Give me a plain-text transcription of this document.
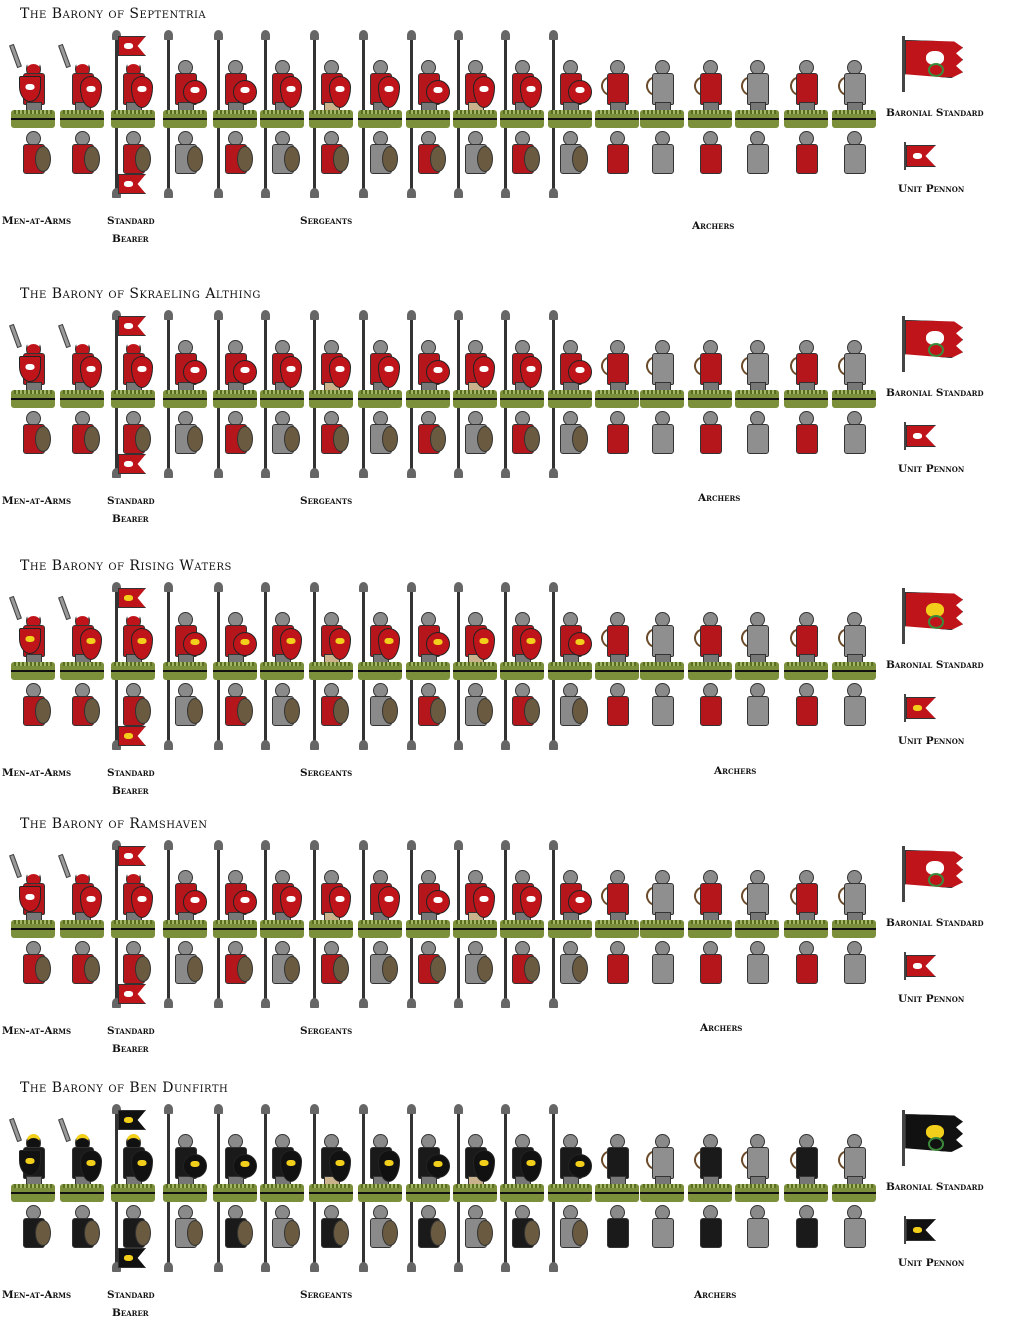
The Barony of Septentria
Men-at-Arms	Standard
Bearer
Sergeants	Archers
Baronial Standard
Unit Pennon
The Barony of Skraeling Althing
Men-at-Arms	Standard
Bearer
Sergeants	Archers
Baronial Standard
Unit Pennon
The Barony of Rising Waters
Men-at-Arms	Standard
Bearer
Sergeants	Archers
Baronial Standard
Unit Pennon
The Barony of Ramshaven
Men-at-Arms	Standard
Bearer
Sergeants	Archers
Baronial Standard
Unit Pennon
The Barony of Ben Dunfirth
Men-at-Arms	Standard
Bearer
Sergeants	Archers
Baronial Standard
Unit Pennon
